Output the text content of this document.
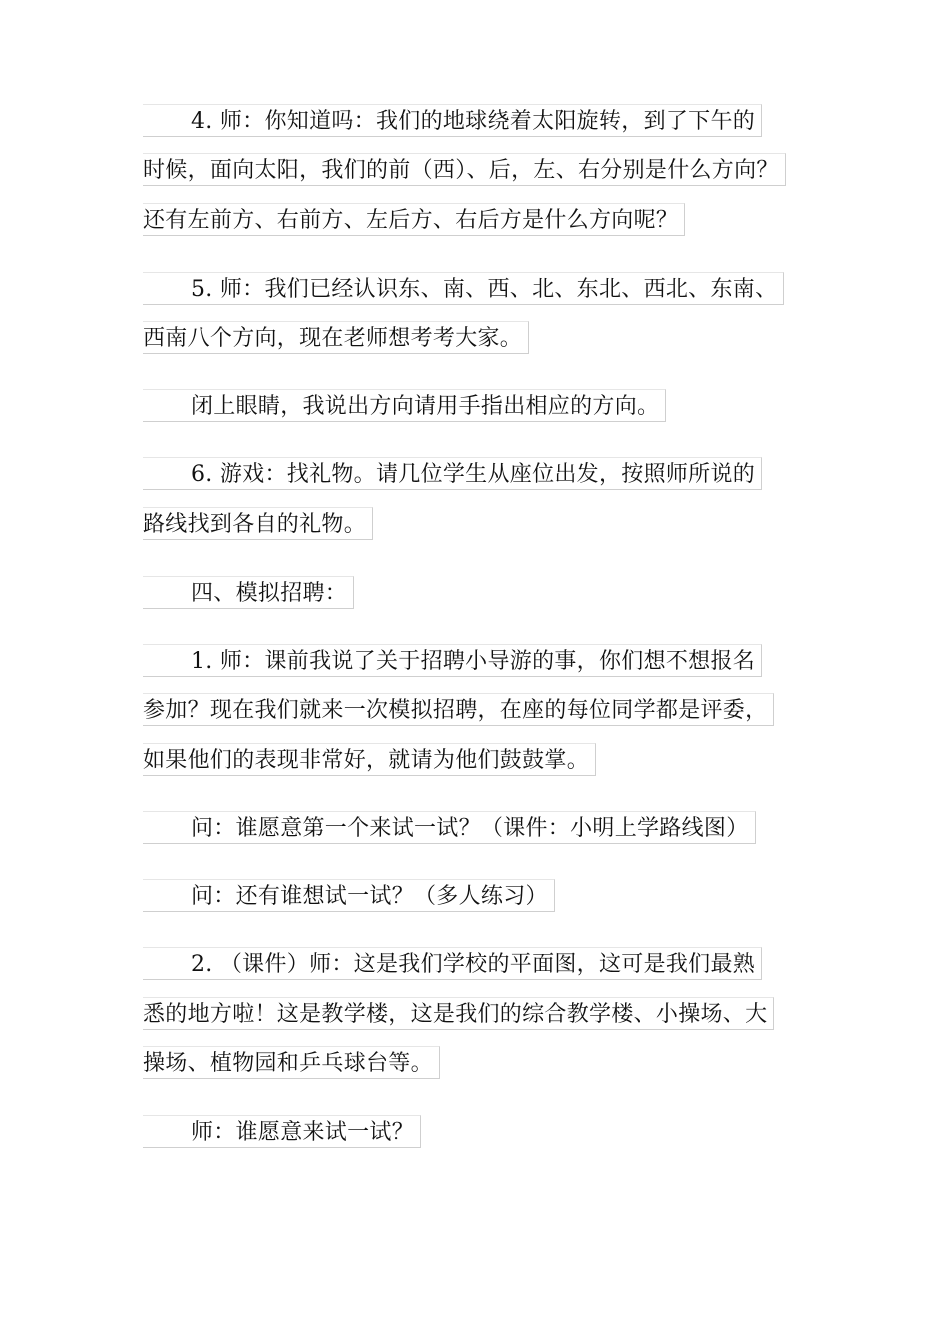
4. 师：你知道吗：我们的地球绕着太阳旋转，到了下午的
时候，面向太阳，我们的前（西）、后，左、右分别是什么方向？
还有左前方、右前方、左后方、右后方是什么方向呢？
5. 师：我们已经认识东、南、西、北、东北、西北、东南、
西南八个方向，现在老师想考考大家。
闭上眼睛，我说出方向请用手指出相应的方向。
6. 游戏：找礼物。请几位学生从座位出发，按照师所说的
路线找到各自的礼物。
四、模拟招聘：
1. 师：课前我说了关于招聘小导游的事，你们想不想报名
参加？现在我们就来一次模拟招聘，在座的每位同学都是评委，
如果他们的表现非常好，就请为他们鼓鼓掌。
问：谁愿意第一个来试一试？（课件：小明上学路线图）
问：还有谁想试一试？（多人练习）
2. （课件）师：这是我们学校的平面图，这可是我们最熟
悉的地方啦！这是教学楼，这是我们的综合教学楼、小操场、大
操场、植物园和乒乓球台等。
师：谁愿意来试一试？
